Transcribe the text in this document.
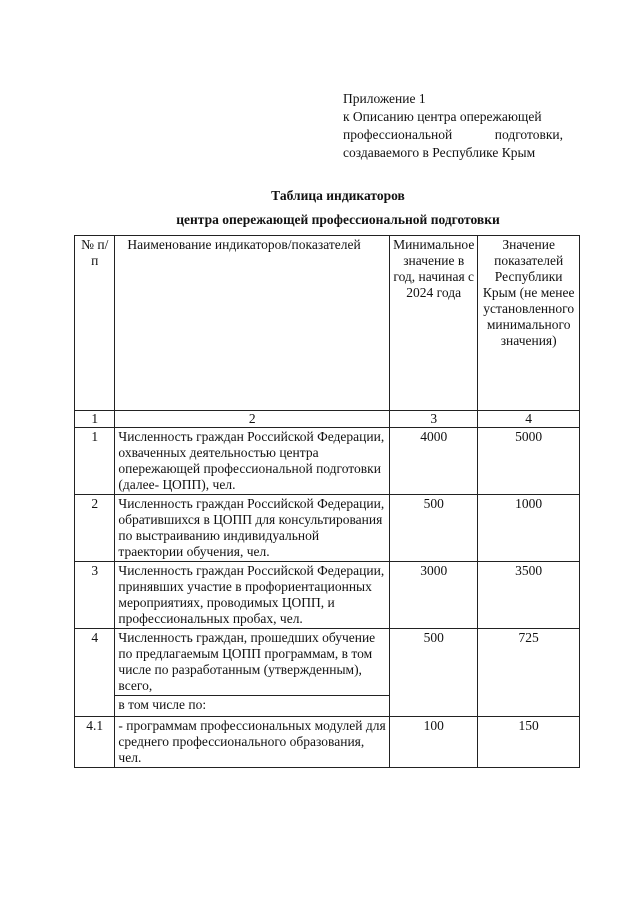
Приложение 1
к Описанию центра опережающей
профессиональной подготовки,
создаваемого в Республике Крым
Таблица индикаторов
центра опережающей профессиональной подготовки
№ п/п	Наименование индикаторов/показателей	Минимальное значение в год, начиная с 2024 года	Значение показателей Республики Крым (не менее установленного минимального значения)
1	2	3	4
1	Численность граждан Российской Федерации, охваченных деятельностью центра опережающей профессиональной подготовки (далее- ЦОПП), чел.	4000	5000
2	Численность граждан Российской Федерации, обратившихся в ЦОПП для консультирования по выстраиванию индивидуальной траектории обучения, чел.	500	1000
3	Численность граждан Российской Федерации, принявших участие в профориентационных мероприятиях, проводимых ЦОПП, и профессиональных пробах, чел.	3000	3500
4	Численность граждан, прошедших обучение по предлагаемым ЦОПП программам, в том числе по разработанным (утвержденным), всего,	500	725
	в том числе по:		
4.1	- программам профессиональных модулей для среднего профессионального образования, чел.	100	150
